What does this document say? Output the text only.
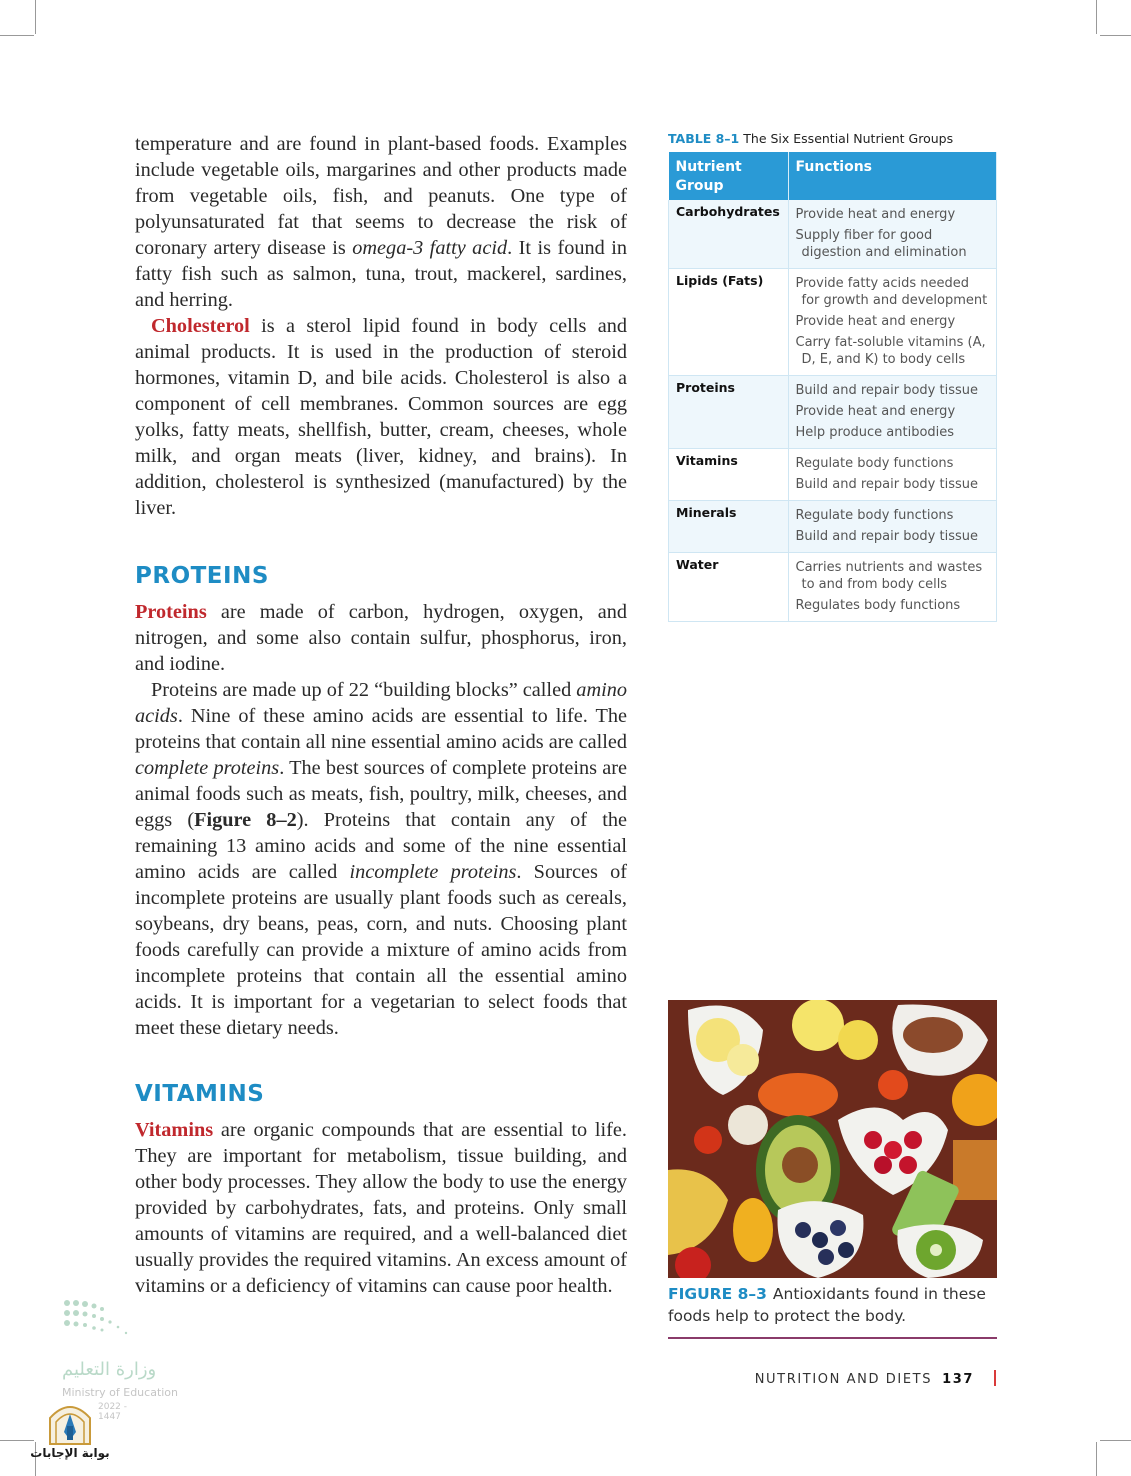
temperature and are found in plant-based foods. Examples include vegetable oils, margarines and other products made from vegetable oils, fish, and peanuts. One type of polyunsaturated fat that seems to decrease the risk of coronary artery disease is omega-3 fatty acid. It is found in fatty fish such as salmon, tuna, trout, mackerel, sardines, and herring.

Cholesterol is a sterol lipid found in body cells and animal products. It is used in the production of steroid hormones, vitamin D, and bile acids. Cholesterol is also a component of cell membranes. Common sources are egg yolks, fatty meats, shellfish, butter, cream, cheeses, whole milk, and organ meats (liver, kidney, and brains). In addition, cholesterol is synthesized (manufactured) by the liver.

PROTEINS

Proteins are made of carbon, hydrogen, oxygen, and nitrogen, and some also contain sulfur, phosphorus, iron, and iodine.

Proteins are made up of 22 “building blocks” called amino acids. Nine of these amino acids are essential to life. The proteins that contain all nine essential amino acids are called complete proteins. The best sources of complete proteins are animal foods such as meats, fish, poultry, milk, cheeses, and eggs (Figure 8–2). Proteins that contain any of the remaining 13 amino acids and some of the nine essential amino acids are called incomplete proteins. Sources of incomplete proteins are usually plant foods such as cereals, soybeans, dry beans, peas, corn, and nuts. Choosing plant foods carefully can provide a mixture of amino acids from incomplete proteins that contain all the essential amino acids. It is important for a vegetarian to select foods that meet these dietary needs.

VITAMINS

Vitamins are organic compounds that are essential to life. They are important for metabolism, tissue building, and other body processes. They allow the body to use the energy provided by carbohydrates, fats, and proteins. Only small amounts of vitamins are required, and a well-balanced diet usually provides the required vitamins. An excess amount of vitamins or a deficiency of vitamins can cause poor health.

TABLE 8–1 The Six Essential Nutrient Groups
Nutrient Group	Functions
Carbohydrates	Provide heat and energy
Supply fiber for good digestion and elimination

Lipids (Fats)	Provide fatty acids needed for growth and development
Provide heat and energy
Carry fat-soluble vitamins (A, D, E, and K) to body cells

Proteins	Build and repair body tissue
Provide heat and energy
Help produce antibodies

Vitamins	Regulate body functions
Build and repair body tissue

Minerals	Regulate body functions
Build and repair body tissue

Water	Carries nutrients and wastes to and from body cells
Regulates body functions
FIGURE 8–3 Antioxidants found in these foods help to protect the body.
NUTRITION AND DIETS 137
وزارة التعليم
Ministry of Education
2022 - 1447
بوابة الإجابات
